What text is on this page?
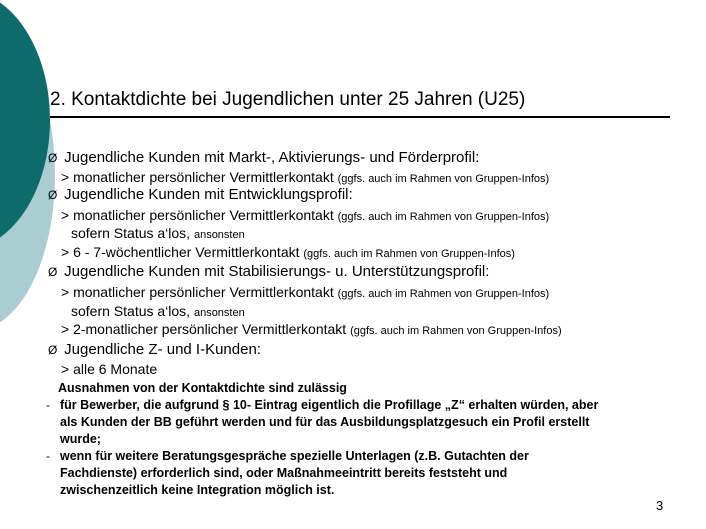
2. Kontaktdichte bei Jugendlichen unter 25 Jahren (U25)
Ø Jugendliche Kunden mit Markt-, Aktivierungs- und Förderprofil:
> monatlicher persönlicher Vermittlerkontakt (ggfs. auch im Rahmen von Gruppen-Infos)
Ø Jugendliche Kunden mit Entwicklungsprofil:
> monatlicher persönlicher Vermittlerkontakt (ggfs. auch im Rahmen von Gruppen-Infos)
sofern Status a‘los, ansonsten
> 6 - 7-wöchentlicher Vermittlerkontakt (ggfs. auch im Rahmen von Gruppen-Infos)
Ø Jugendliche Kunden mit Stabilisierungs- u. Unterstützungsprofil:
> monatlicher persönlicher Vermittlerkontakt (ggfs. auch im Rahmen von Gruppen-Infos)
sofern Status a‘los, ansonsten
> 2-monatlicher persönlicher Vermittlerkontakt (ggfs. auch im Rahmen von Gruppen-Infos)
Ø Jugendliche Z- und I-Kunden:
> alle 6 Monate
Ausnahmen von der Kontaktdichte sind zulässig
- für Bewerber, die aufgrund § 10- Eintrag eigentlich die Profillage „Z“ erhalten würden, aber
als Kunden der BB geführt werden und für das Ausbildungsplatzgesuch ein Profil erstellt
wurde;
- wenn für weitere Beratungsgespräche spezielle Unterlagen (z.B. Gutachten der
Fachdienste) erforderlich sind, oder Maßnahmeeintritt bereits feststeht und
zwischenzeitlich keine Integration möglich ist.
3
